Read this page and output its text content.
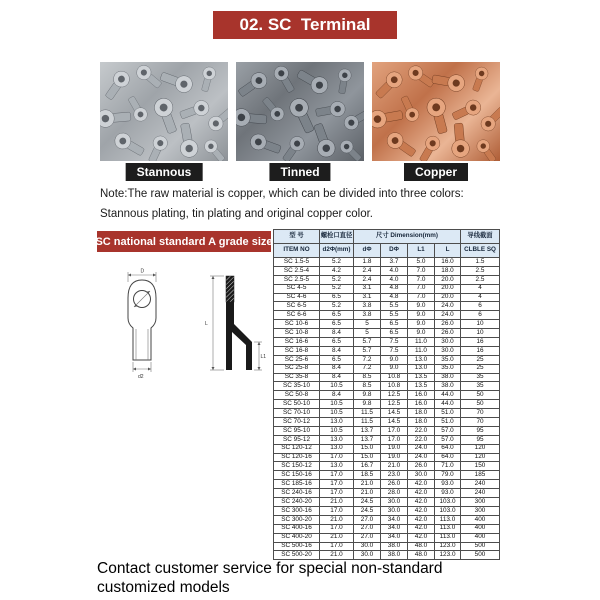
02. SC  Terminal
Stannous	Tinned	Copper
Note:The raw material is copper, which can be divided into three colors:
Stannous plating, tin plating and original copper color.
SC national standard A grade size
D
d2
L
L1
型 号	螺栓口直径	尺寸 Dimension(mm)				导线截面
ITEM NO	d2Φ(mm)	dΦ	DΦ	L1	L	CLBLE SQ
SC 1.5-5	5.2	1.8	3.7	5.0	16.0	1.5
SC 2.5-4	4.2	2.4	4.0	7.0	18.0	2.5
SC 2.5-5	5.2	2.4	4.0	7.0	20.0	2.5
SC 4-5	5.2	3.1	4.8	7.0	20.0	4
SC 4-6	6.5	3.1	4.8	7.0	20.0	4
SC 6-5	5.2	3.8	5.5	9.0	24.0	6
SC 6-6	6.5	3.8	5.5	9.0	24.0	6
SC 10-6	6.5	5	6.5	9.0	26.0	10
SC 10-8	8.4	5	6.5	9.0	26.0	10
SC 16-6	6.5	5.7	7.5	11.0	30.0	16
SC 16-8	8.4	5.7	7.5	11.0	30.0	16
SC 25-6	6.5	7.2	9.0	13.0	35.0	25
SC 25-8	8.4	7.2	9.0	13.0	35.0	25
SC 35-8	8.4	8.5	10.8	13.5	38.0	35
SC 35-10	10.5	8.5	10.8	13.5	38.0	35
SC 50-8	8.4	9.8	12.5	16.0	44.0	50
SC 50-10	10.5	9.8	12.5	16.0	44.0	50
SC 70-10	10.5	11.5	14.5	18.0	51.0	70
SC 70-12	13.0	11.5	14.5	18.0	51.0	70
SC 95-10	10.5	13.7	17.0	22.0	57.0	95
SC 95-12	13.0	13.7	17.0	22.0	57.0	95
SC 120-12	13.0	15.0	19.0	24.0	64.0	120
SC 120-16	17.0	15.0	19.0	24.0	64.0	120
SC 150-12	13.0	16.7	21.0	26.0	71.0	150
SC 150-16	17.0	18.5	23.0	30.0	79.0	185
SC 185-16	17.0	21.0	26.0	42.0	93.0	240
SC 240-16	17.0	21.0	28.0	42.0	93.0	240
SC 240-20	21.0	24.5	30.0	42.0	103.0	300
SC 300-16	17.0	24.5	30.0	42.0	103.0	300
SC 300-20	21.0	27.0	34.0	42.0	113.0	400
SC 400-16	17.0	27.0	34.0	42.0	113.0	400
SC 400-20	21.0	27.0	34.0	42.0	113.0	400
SC 500-16	17.0	30.0	38.0	48.0	123.0	500
SC 500-20	21.0	30.0	38.0	48.0	123.0	500
Contact customer service for special non-standard customized models
